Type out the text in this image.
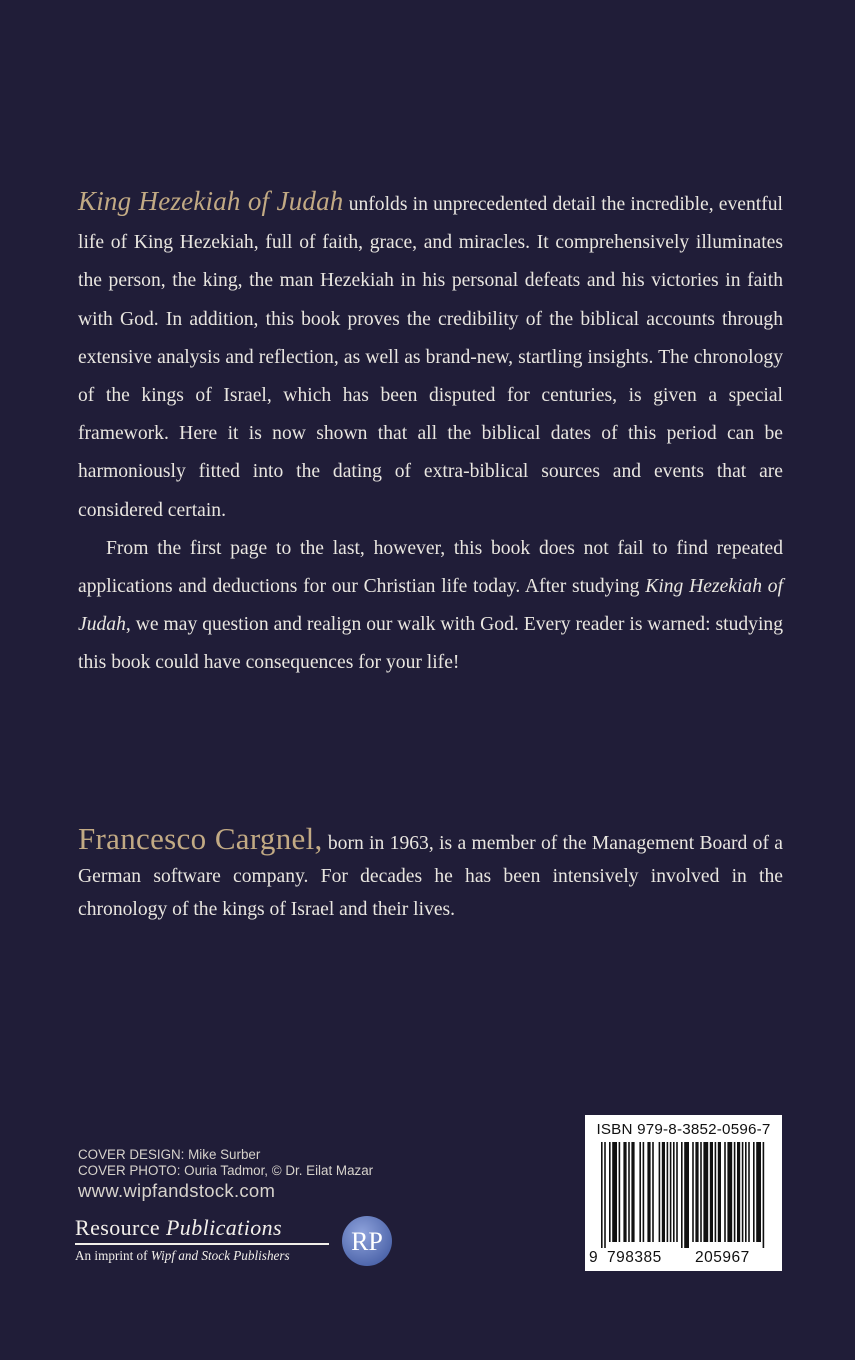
King Hezekiah of Judah unfolds in unprecedented detail the incredible, eventful life of King Hezekiah, full of faith, grace, and miracles. It comprehensively illuminates the person, the king, the man Hezekiah in his personal defeats and his victories in faith with God. In addition, this book proves the credibility of the biblical accounts through extensive analysis and reflection, as well as brand-new, startling insights. The chronology of the kings of Israel, which has been disputed for centuries, is given a special framework. Here it is now shown that all the biblical dates of this period can be harmoniously fitted into the dating of extra-biblical sources and events that are considered certain.

From the first page to the last, however, this book does not fail to find repeated applications and deductions for our Christian life today. After studying King Hezekiah of Judah, we may question and realign our walk with God. Every reader is warned: studying this book could have consequences for your life!

Francesco Cargnel, born in 1963, is a member of the Management Board of a German software company. For decades he has been intensively involved in the chronology of the kings of Israel and their lives.
COVER DESIGN: Mike Surber
COVER PHOTO: Ouria Tadmor, © Dr. Eilat Mazar
www.wipfandstock.com
Resource Publications
An imprint of Wipf and Stock Publishers	RP
ISBN 979-8-3852-0596-7
9 798385 205967
